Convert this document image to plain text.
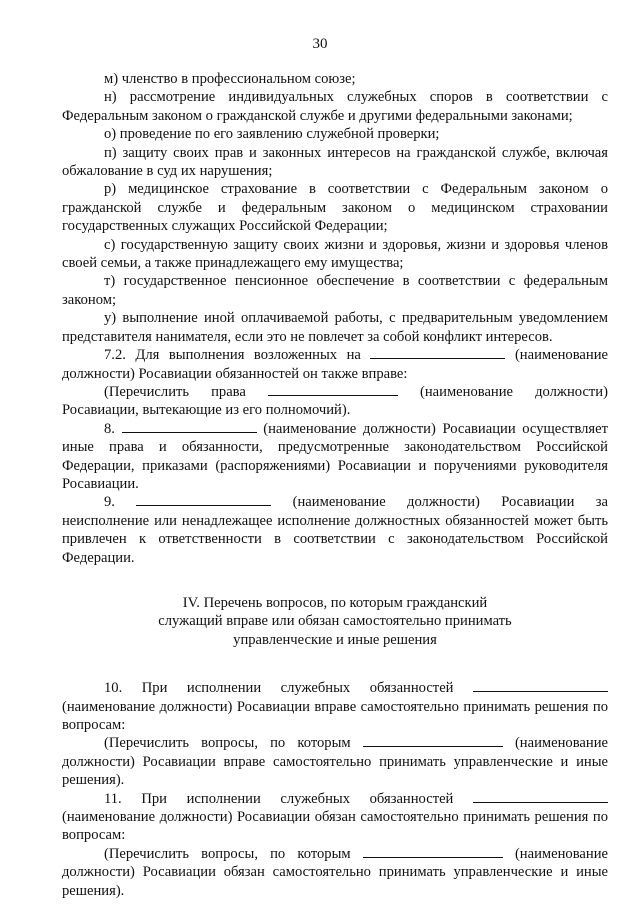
30

м) членство в профессиональном союзе;

н) рассмотрение индивидуальных служебных споров в соответствии с Федеральным законом о гражданской службе и другими федеральными законами;

о) проведение по его заявлению служебной проверки;

п) защиту своих прав и законных интересов на гражданской службе, включая обжалование в суд их нарушения;

р) медицинское страхование в соответствии с Федеральным законом о гражданской службе и федеральным законом о медицинском страховании государственных служащих Российской Федерации;

с) государственную защиту своих жизни и здоровья, жизни и здоровья членов своей семьи, а также принадлежащего ему имущества;

т) государственное пенсионное обеспечение в соответствии с федеральным законом;

у) выполнение иной оплачиваемой работы, с предварительным уведомлением представителя нанимателя, если это не повлечет за собой конфликт интересов.

7.2. Для выполнения возложенных на	(наименование должности) Росавиации обязанностей он также вправе:

(Перечислить права	(наименование должности) Росавиации, вытекающие из его полномочий).

8.	(наименование должности) Росавиации осуществляет иные права и обязанности, предусмотренные законодательством Российской Федерации, приказами (распоряжениями) Росавиации и поручениями руководителя Росавиации.

9.	(наименование должности) Росавиации за неисполнение или ненадлежащее исполнение должностных обязанностей может быть привлечен к ответственности в соответствии с законодательством Российской Федерации.

IV. Перечень вопросов, по которым гражданский
служащий вправе или обязан самостоятельно принимать
управленческие и иные решения

10. При исполнении служебных обязанностей  (наименование должности) Росавиации вправе самостоятельно принимать решения по вопросам:

(Перечислить вопросы, по которым	(наименование должности) Росавиации вправе самостоятельно принимать управленческие и иные решения).

11. При исполнении служебных обязанностей  (наименование должности) Росавиации обязан самостоятельно принимать решения по вопросам:

(Перечислить вопросы, по которым	(наименование должности) Росавиации обязан самостоятельно принимать управленческие и иные решения).
